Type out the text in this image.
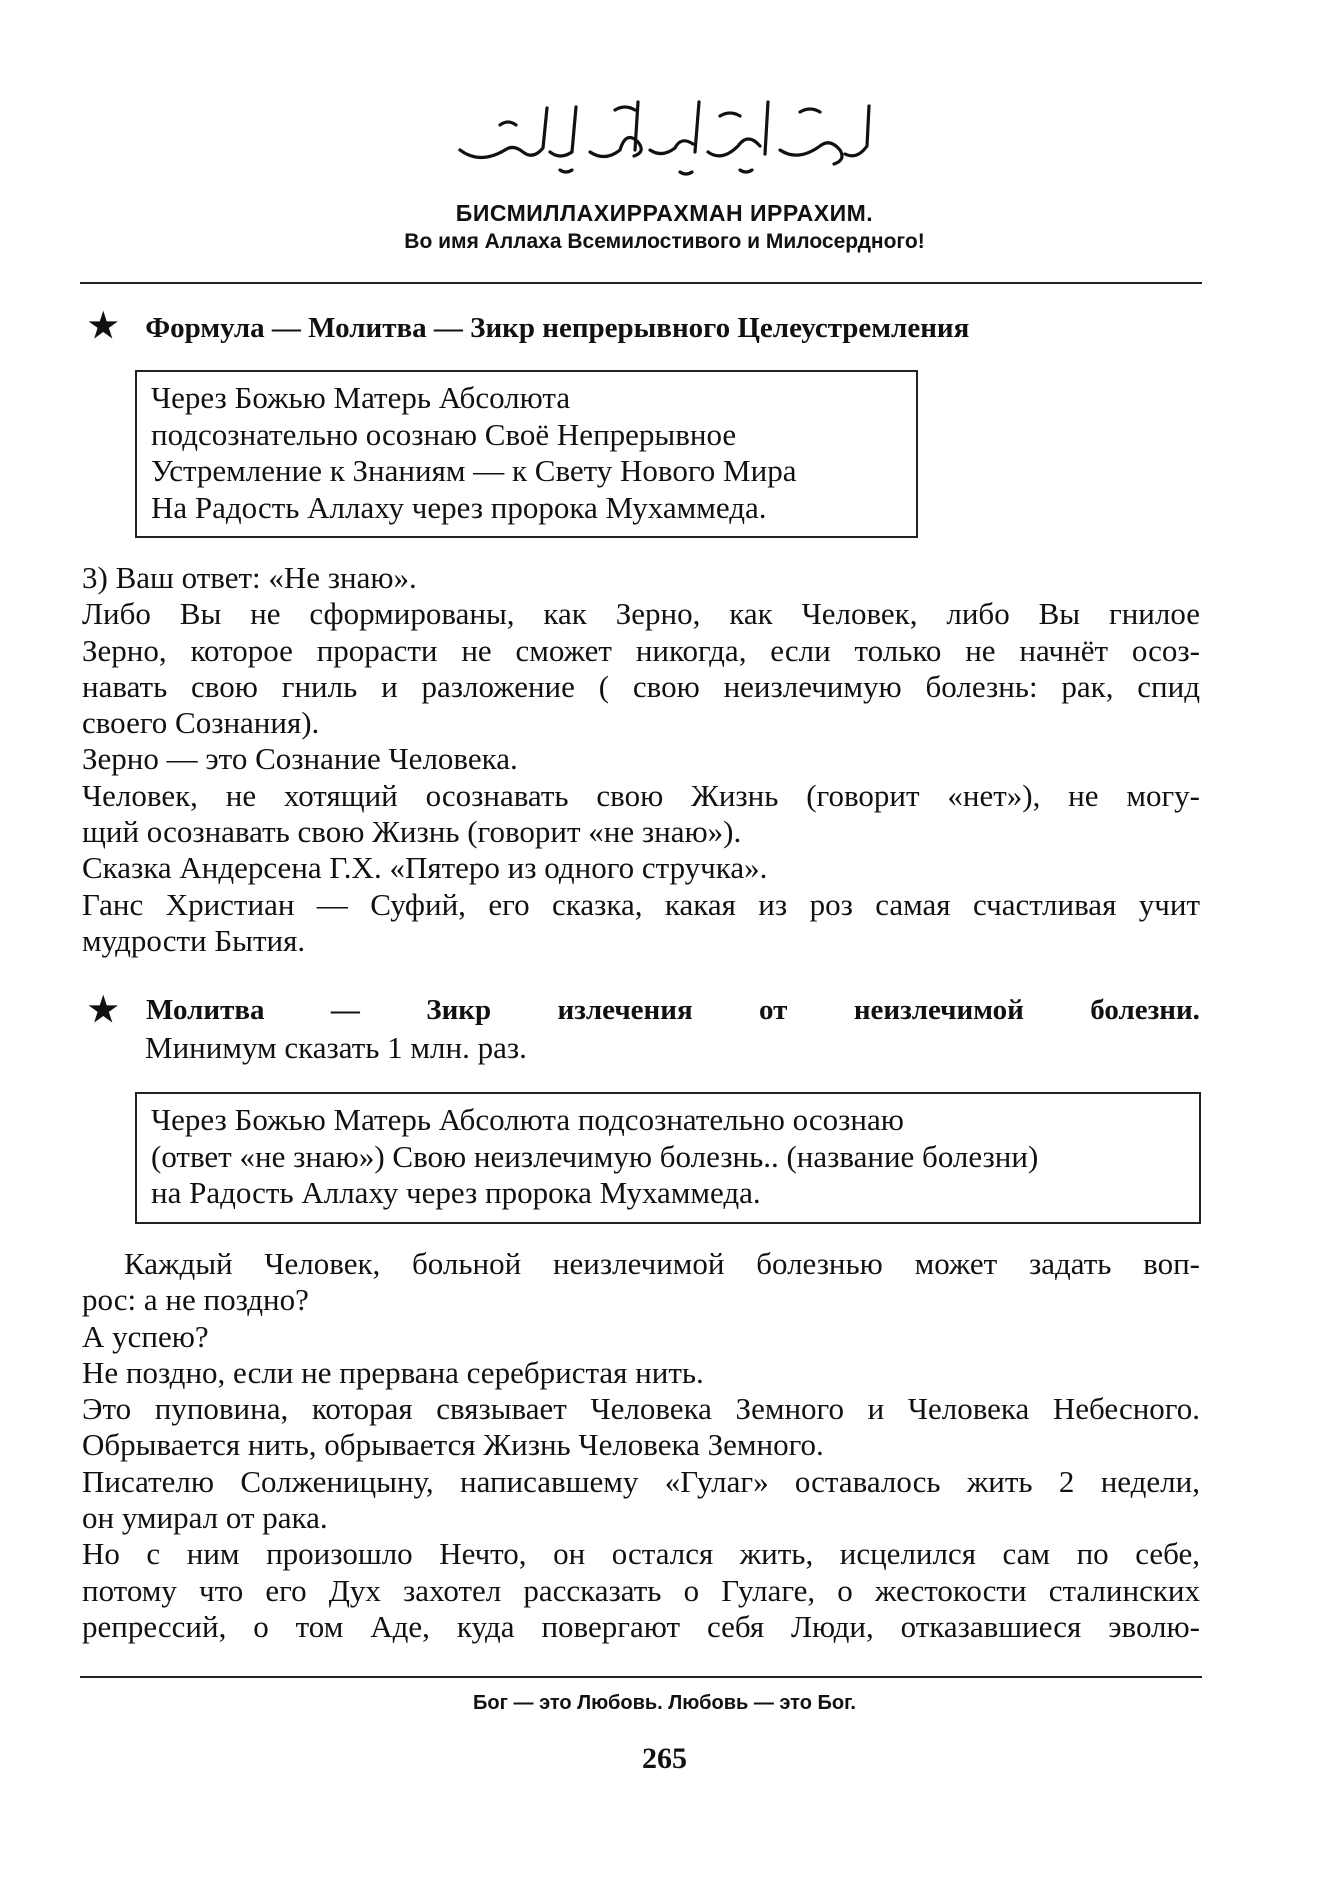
БИСМИЛЛАХИРРАХМАН ИРРАХИМ.
Во имя Аллаха Всемилостивого и Милосердного!
★ Формула — Молитва — Зикр непрерывного Целеустремления
Через Божью Матерь Абсолюта
подсознательно осознаю Своё Непрерывное
Устремление к Знаниям — к Свету Нового Мира
На Радость Аллаху через пророка Мухаммеда.
3) Ваш ответ: «Не знаю».
Либо Вы не сформированы, как Зерно, как Человек, либо Вы гнилое
Зерно, которое прорасти не сможет никогда, если только не начнёт осоз-
навать свою гниль и разложение ( свою неизлечимую болезнь: рак, спид
своего Сознания).
Зерно — это Сознание Человека.
Человек, не хотящий осознавать свою Жизнь (говорит «нет»), не могу-
щий осознавать свою Жизнь (говорит «не знаю»).
Сказка Андерсена Г.Х. «Пятеро из одного стручка».
Ганс Христиан — Суфий, его сказка, какая из роз самая счастливая учит
мудрости Бытия.
★ Молитва — Зикр излечения от неизлечимой болезни.
Минимум сказать 1 млн. раз.
Через Божью Матерь Абсолюта подсознательно осознаю
(ответ «не знаю») Свою неизлечимую болезнь.. (название болезни)
на Радость Аллаху через пророка Мухаммеда.
Каждый Человек, больной неизлечимой болезнью может задать воп-
рос: а не поздно?
А успею?
Не поздно, если не прервана серебристая нить.
Это пуповина, которая связывает Человека Земного и Человека Небесного.
Обрывается нить, обрывается Жизнь Человека Земного.
Писателю Солженицыну, написавшему «Гулаг» оставалось жить 2 недели,
он умирал от рака.
Но с ним произошло Нечто, он остался жить, исцелился сам по себе,
потому что его Дух захотел рассказать о Гулаге, о жестокости сталинских
репрессий, о том Аде, куда повергают себя Люди, отказавшиеся эволю-
Бог — это Любовь. Любовь — это Бог.
265
